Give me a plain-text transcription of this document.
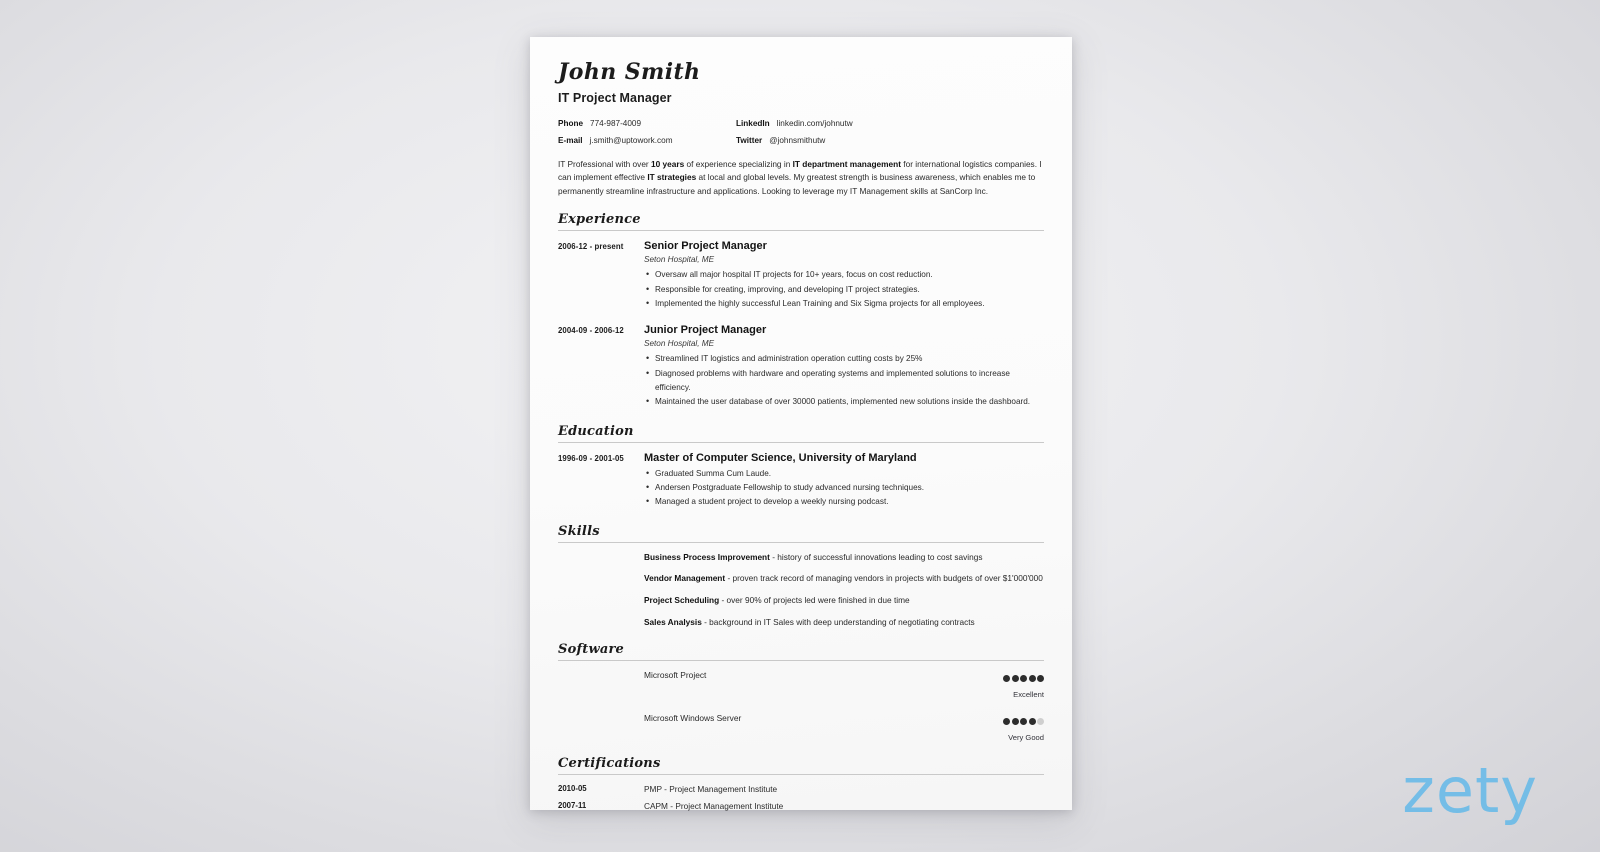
John Smith
IT Project Manager
Phone 774-987-4009	LinkedIn linkedin.com/johnutw
E-mail j.smith@uptowork.com	Twitter @johnsmithutw

IT Professional with over 10 years of experience specializing in IT department management for international logistics companies. I can implement effective IT strategies at local and global levels. My greatest strength is business awareness, which enables me to permanently streamline infrastructure and applications. Looking to leverage my IT Management skills at SanCorp Inc.

Experience
2006-12 - present	Senior Project Manager
Seton Hospital, ME
• Oversaw all major hospital IT projects for 10+ years, focus on cost reduction.
• Responsible for creating, improving, and developing IT project strategies.
• Implemented the highly successful Lean Training and Six Sigma projects for all employees.
2004-09 - 2006-12	Junior Project Manager
Seton Hospital, ME
• Streamlined IT logistics and administration operation cutting costs by 25%
• Diagnosed problems with hardware and operating systems and implemented solutions to increase efficiency.
• Maintained the user database of over 30000 patients, implemented new solutions inside the dashboard.
Education
1996-09 - 2001-05	Master of Computer Science, University of Maryland
• Graduated Summa Cum Laude.
• Andersen Postgraduate Fellowship to study advanced nursing techniques.
• Managed a student project to develop a weekly nursing podcast.
Skills
Business Process Improvement - history of successful innovations leading to cost savings
Vendor Management - proven track record of managing vendors in projects with budgets of over $1'000'000
Project Scheduling - over 90% of projects led were finished in due time
Sales Analysis - background in IT Sales with deep understanding of negotiating contracts
Software
Microsoft Project
Excellent
Microsoft Windows Server
Very Good
Certifications
2010-05	PMP - Project Management Institute
2007-11	CAPM - Project Management Institute	zety
